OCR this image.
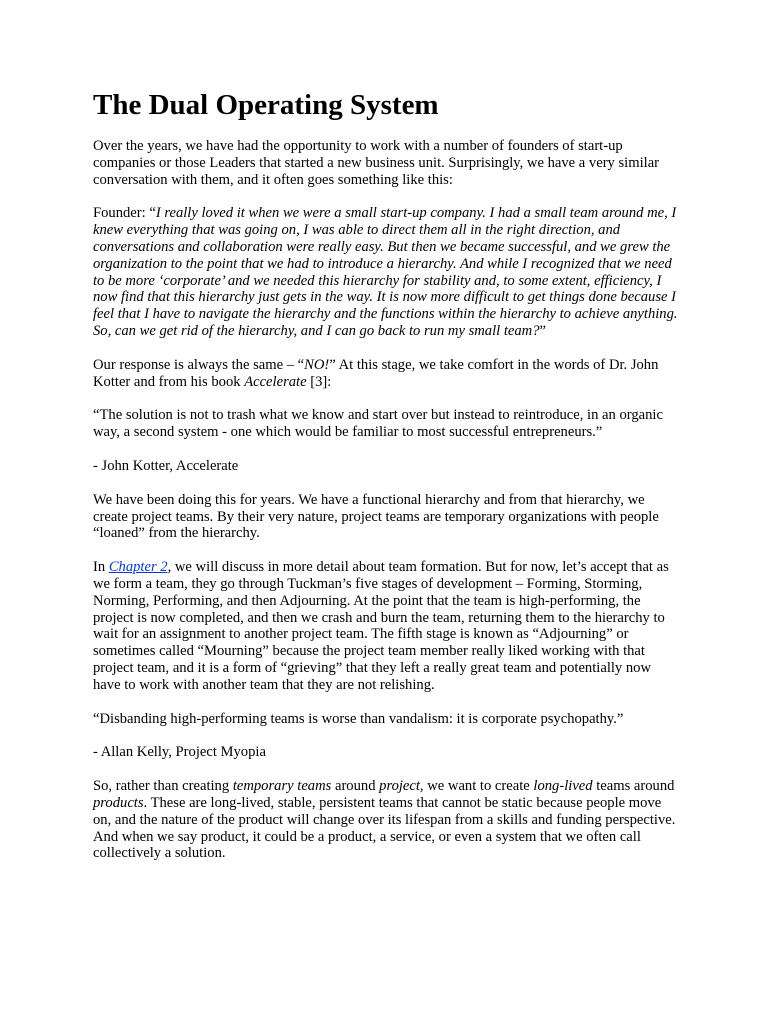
The Dual Operating System

Over the years, we have had the opportunity to work with a number of founders of start-up companies or those Leaders that started a new business unit. Surprisingly, we have a very similar conversation with them, and it often goes something like this:

Founder: “I really loved it when we were a small start-up company. I had a small team around me, I knew everything that was going on, I was able to direct them all in the right direction, and conversations and collaboration were really easy. But then we became successful, and we grew the organization to the point that we had to introduce a hierarchy. And while I recognized that we need to be more ‘corporate’ and we needed this hierarchy for stability and, to some extent, efficiency, I now find that this hierarchy just gets in the way. It is now more difficult to get things done because I feel that I have to navigate the hierarchy and the functions within the hierarchy to achieve anything. So, can we get rid of the hierarchy, and I can go back to run my small team?”

Our response is always the same – “NO!” At this stage, we take comfort in the words of Dr. John Kotter and from his book Accelerate [3]:

“The solution is not to trash what we know and start over but instead to reintroduce, in an organic way, a second system - one which would be familiar to most successful entrepreneurs.”

- John Kotter, Accelerate

We have been doing this for years. We have a functional hierarchy and from that hierarchy, we create project teams. By their very nature, project teams are temporary organizations with people “loaned” from the hierarchy.

In Chapter 2, we will discuss in more detail about team formation. But for now, let’s accept that as we form a team, they go through Tuckman’s five stages of development – Forming, Storming, Norming, Performing, and then Adjourning. At the point that the team is high-performing, the project is now completed, and then we crash and burn the team, returning them to the hierarchy to wait for an assignment to another project team. The fifth stage is known as “Adjourning” or sometimes called “Mourning” because the project team member really liked working with that project team, and it is a form of “grieving” that they left a really great team and potentially now have to work with another team that they are not relishing.

“Disbanding high-performing teams is worse than vandalism: it is corporate psychopathy.”

- Allan Kelly, Project Myopia

So, rather than creating temporary teams around project, we want to create long-lived teams around products. These are long-lived, stable, persistent teams that cannot be static because people move on, and the nature of the product will change over its lifespan from a skills and funding perspective. And when we say product, it could be a product, a service, or even a system that we often call collectively a solution.
